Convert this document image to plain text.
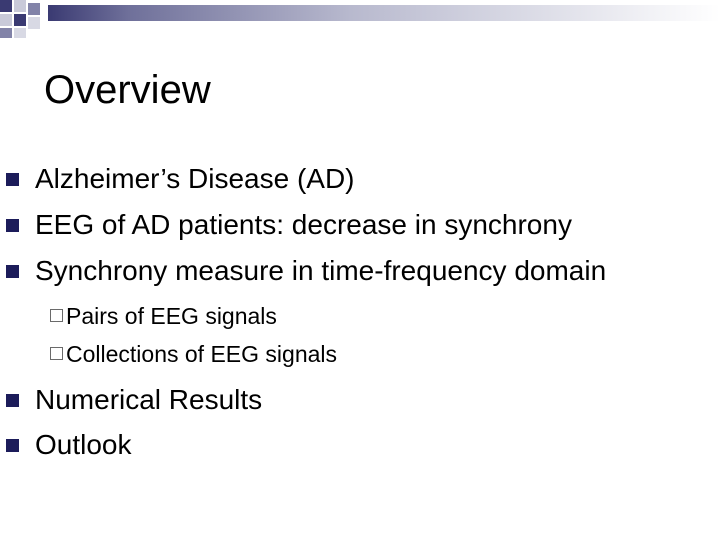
Overview
Alzheimer’s Disease (AD)
EEG of AD patients: decrease in synchrony
Synchrony measure in time-frequency domain
Pairs of EEG signals
Collections of EEG signals
Numerical Results
Outlook
